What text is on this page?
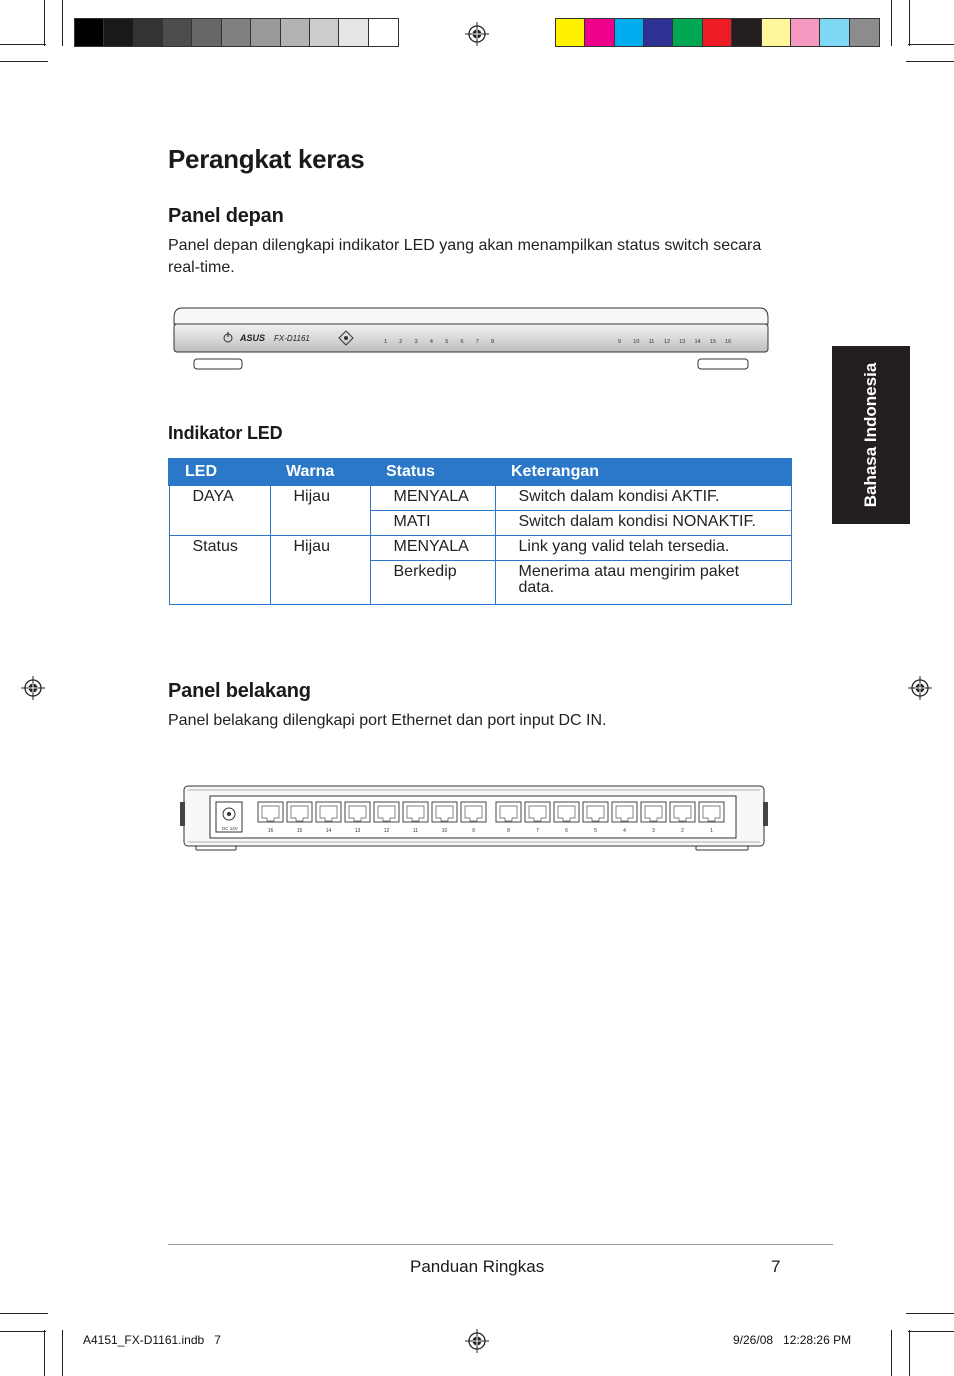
Perangkat keras
Panel depan
Panel depan dilengkapi indikator LED yang akan menampilkan status switch secara real-time.
ASUS FX-D1161	1 2 3 4 5 6 7 8	9 10 11 12 13 14 15 16
Indikator LED
LED	Warna	Status	Keterangan
DAYA	Hijau	MENYALA	Switch dalam kondisi AKTIF.
		MATI	Switch dalam kondisi NONAKTIF.
Status	Hijau	MENYALA	Link yang valid telah tersedia.
		Berkedip	Menerima atau mengirim paket data.
Panel belakang
Panel belakang dilengkapi port Ethernet dan port input DC IN.
DC 12V	16	15	14	13	12	11	10	9	8	7	6	5	4	3	2	1
Bahasa Indonesia
Panduan Ringkas	7
A4151_FX-D1161.indb   7	9/26/08   12:28:26 PM
